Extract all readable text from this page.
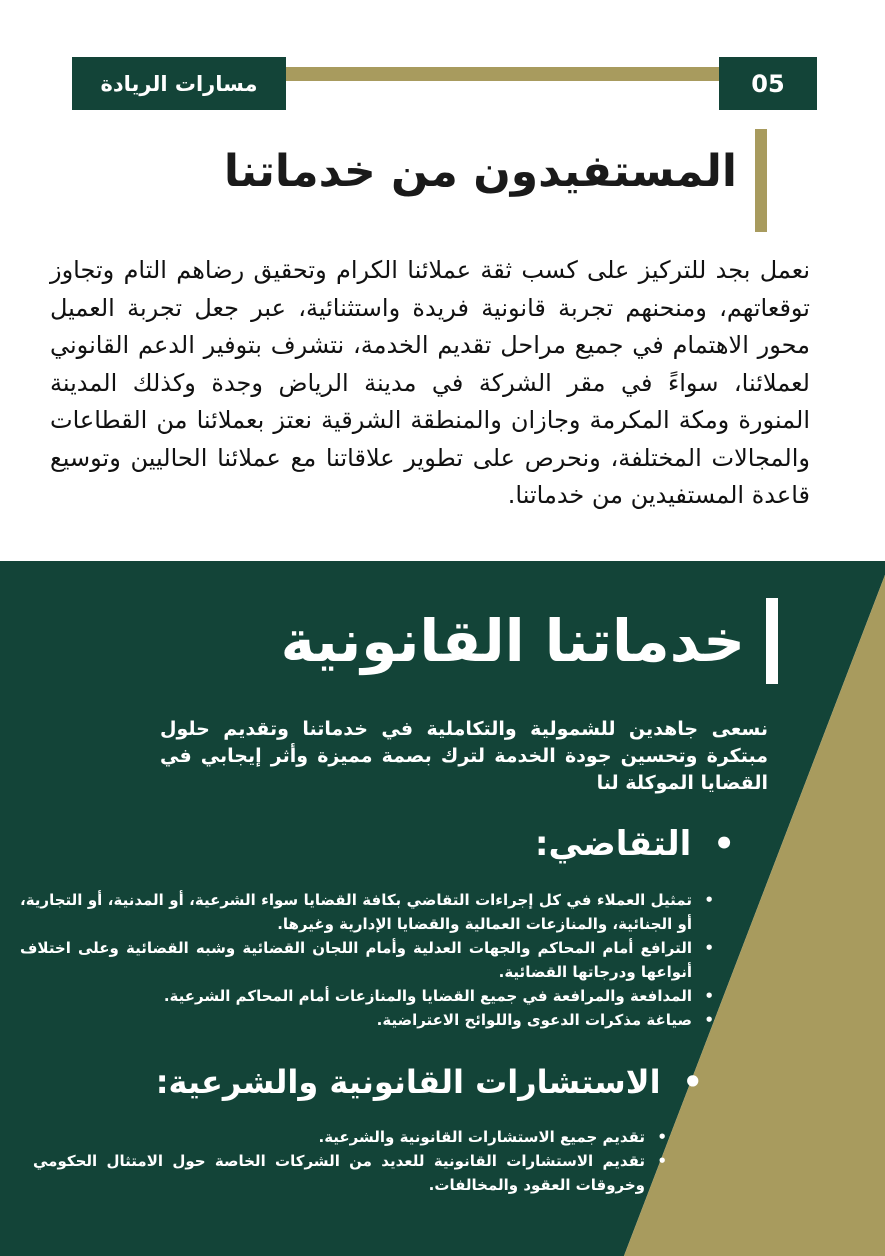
مسارات الريادة	05
المستفيدون من خدماتنا
نعمل بجد للتركيز على كسب ثقة عملائنا الكرام وتحقيق رضاهم التام وتجاوز توقعاتهم، ومنحنهم تجربة قانونية فريدة واستثنائية، عبر جعل تجربة العميل محور الاهتمام في جميع مراحل تقديم الخدمة، نتشرف بتوفير الدعم القانوني لعملائنا، سواءً في مقر الشركة في مدينة الرياض وجدة وكذلك المدينة المنورة ومكة المكرمة وجازان والمنطقة الشرقية نعتز بعملائنا من القطاعات والمجالات المختلفة، ونحرص على تطوير علاقاتنا مع عملائنا الحاليين وتوسيع قاعدة المستفيدين من خدماتنا.
خدماتنا القانونية
نسعى جاهدين للشمولية والتكاملية في خدماتنا وتقديم حلول مبتكرة وتحسين جودة الخدمة لترك بصمة مميزة وأثر إيجابي في القضايا الموكلة لنا
•التقاضي:
•
تمثيل العملاء في كل إجراءات التقاضي بكافة القضايا سواء الشرعية، أو المدنية، أو التجارية، أو الجنائية، والمنازعات العمالية والقضايا الإدارية وغيرها.
•
الترافع أمام المحاكم والجهات العدلية وأمام اللجان القضائية وشبه القضائية وعلى اختلاف أنواعها ودرجاتها القضائية.
•
المدافعة والمرافعة في جميع القضايا والمنازعات أمام المحاكم الشرعية.
•
صياغة مذكرات الدعوى واللوائح الاعتراضية.
•الاستشارات القانونية والشرعية:
•
تقديم جميع الاستشارات القانونية والشرعية.
•
تقديم الاستشارات القانونية للعديد من الشركات الخاصة حول الامتثال الحكومي وخروقات العقود والمخالفات.
